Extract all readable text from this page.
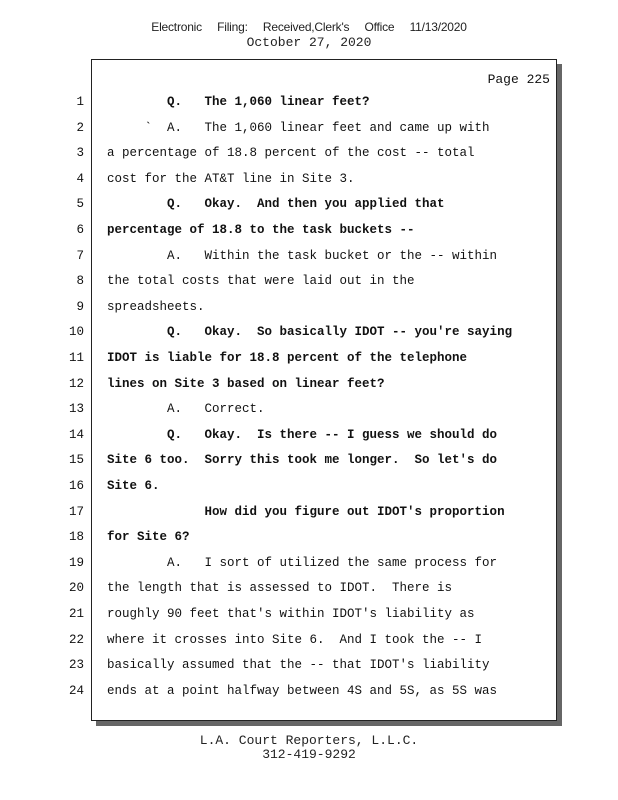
Electronic Filing: Received,Clerk's Office 11/13/2020
October 27, 2020
Page 225
1 Q.   The 1,060 linear feet?
2 `  A.   The 1,060 linear feet and came up with
3 a percentage of 18.8 percent of the cost -- total
4 cost for the AT&T line in Site 3.
5 Q.   Okay.  And then you applied that
6 percentage of 18.8 to the task buckets --
7 A.   Within the task bucket or the -- within
8 the total costs that were laid out in the
9 spreadsheets.
10 Q.   Okay.  So basically IDOT -- you're saying
11 IDOT is liable for 18.8 percent of the telephone
12 lines on Site 3 based on linear feet?
13 A.   Correct.
14 Q.   Okay.  Is there -- I guess we should do
15 Site 6 too.  Sorry this took me longer.  So let's do
16 Site 6.
17 How did you figure out IDOT's proportion
18 for Site 6?
19 A.   I sort of utilized the same process for
20 the length that is assessed to IDOT.  There is
21 roughly 90 feet that's within IDOT's liability as
22 where it crosses into Site 6.  And I took the -- I
23 basically assumed that the -- that IDOT's liability
24 ends at a point halfway between 4S and 5S, as 5S was
L.A. Court Reporters, L.L.C.
312-419-9292
